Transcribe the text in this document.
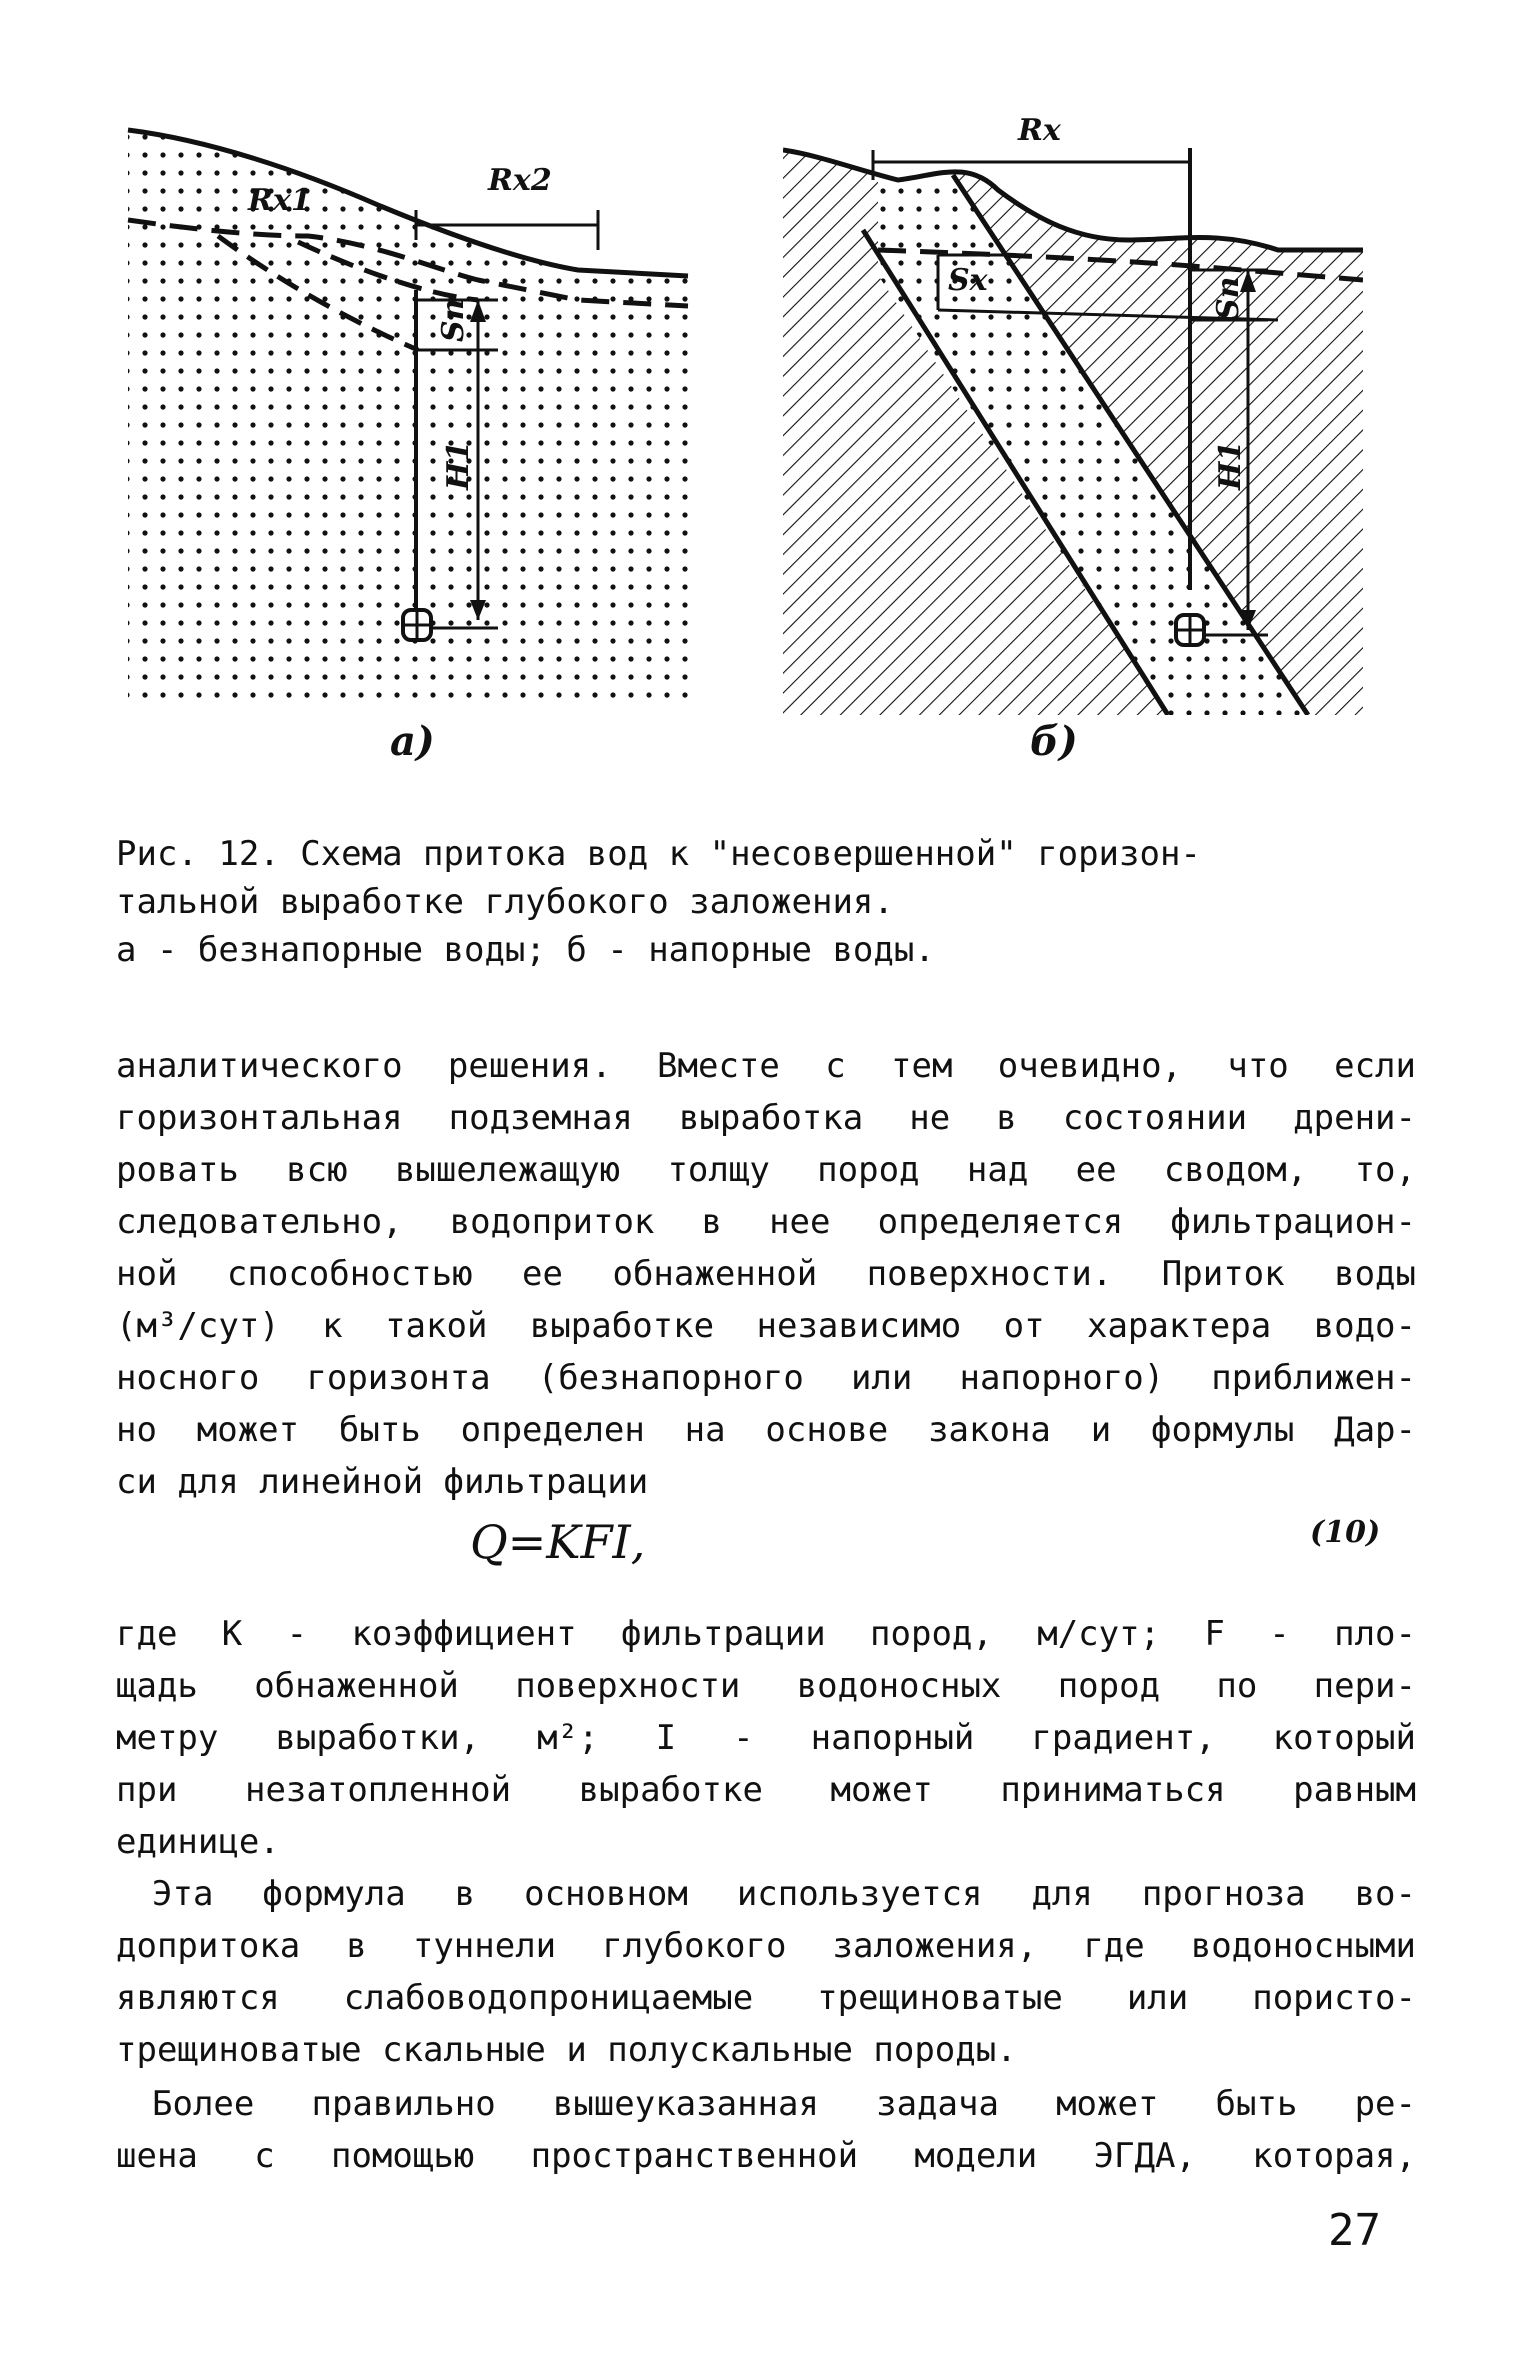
Rx1
Rx2
Rx
Sx
Sn
H1
Sn
H1
а)	б)
Рис. 12. Схема притока вод к "несовершенной" горизон-
тальной выработке глубокого заложения.
а - безнапорные воды; б - напорные воды.
аналитического решения. Вместе с тем очевидно, что если
горизонтальная подземная выработка не в состоянии дрени-
ровать всю вышележащую толщу пород над ее сводом, то,
следовательно, водоприток в нее определяется фильтрацион-
ной способностью ее обнаженной поверхности. Приток воды
(м³/сут) к такой выработке независимо от характера водо-
носного горизонта (безнапорного или напорного) приближен-
но может быть определен на основе закона и формулы Дар-
си для линейной фильтрации
Q=KFI,	(10)
где K - коэффициент фильтрации пород, м/сут; F - пло-
щадь обнаженной поверхности водоносных пород по пери-
метру выработки, м²; I - напорный градиент, который
при незатопленной выработке может приниматься равным
единице.
Эта формула в основном используется для прогноза во-
допритока в туннели глубокого заложения, где водоносными
являются слабоводопроницаемые трещиноватые или пористо-
трещиноватые скальные и полускальные породы.
Более правильно вышеуказанная задача может быть ре-
шена с помощью пространственной модели ЭГДА, которая,
27
